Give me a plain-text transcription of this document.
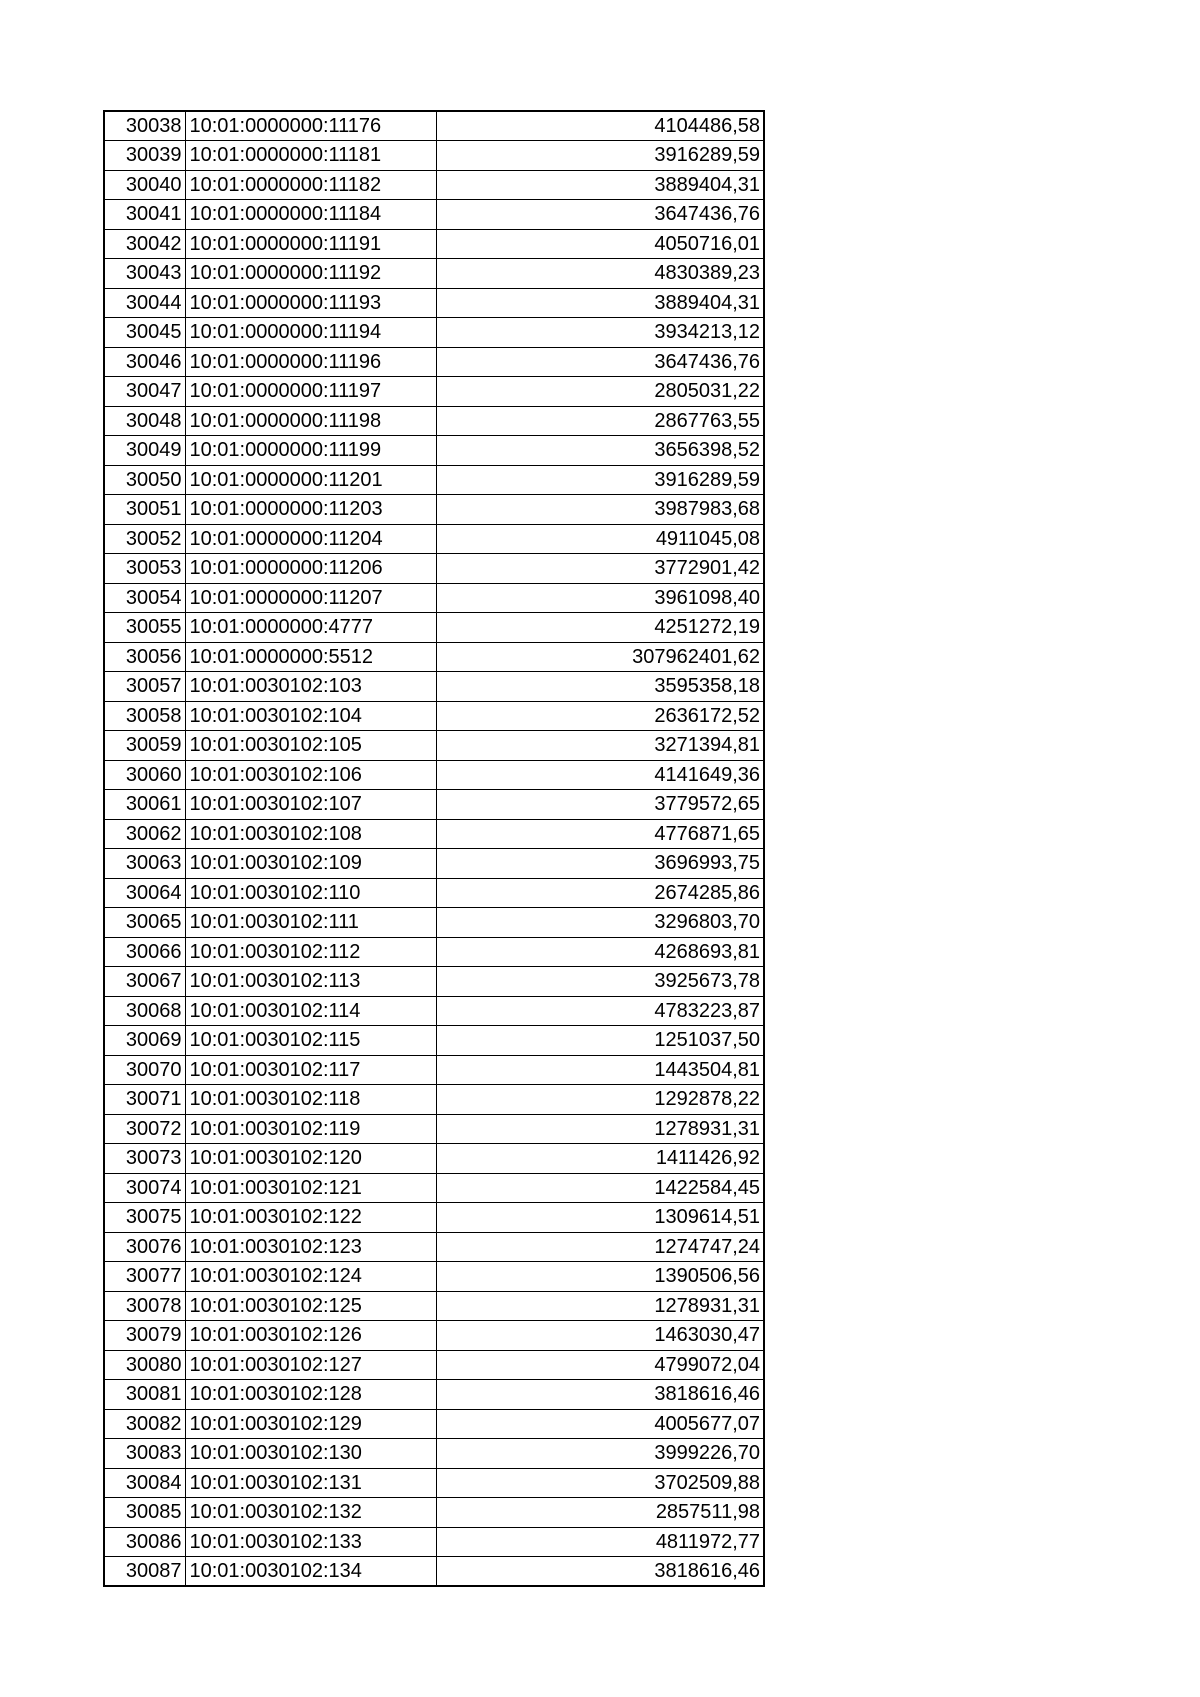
30038	10:01:0000000:11176	4104486,58
30039	10:01:0000000:11181	3916289,59
30040	10:01:0000000:11182	3889404,31
30041	10:01:0000000:11184	3647436,76
30042	10:01:0000000:11191	4050716,01
30043	10:01:0000000:11192	4830389,23
30044	10:01:0000000:11193	3889404,31
30045	10:01:0000000:11194	3934213,12
30046	10:01:0000000:11196	3647436,76
30047	10:01:0000000:11197	2805031,22
30048	10:01:0000000:11198	2867763,55
30049	10:01:0000000:11199	3656398,52
30050	10:01:0000000:11201	3916289,59
30051	10:01:0000000:11203	3987983,68
30052	10:01:0000000:11204	4911045,08
30053	10:01:0000000:11206	3772901,42
30054	10:01:0000000:11207	3961098,40
30055	10:01:0000000:4777	4251272,19
30056	10:01:0000000:5512	307962401,62
30057	10:01:0030102:103	3595358,18
30058	10:01:0030102:104	2636172,52
30059	10:01:0030102:105	3271394,81
30060	10:01:0030102:106	4141649,36
30061	10:01:0030102:107	3779572,65
30062	10:01:0030102:108	4776871,65
30063	10:01:0030102:109	3696993,75
30064	10:01:0030102:110	2674285,86
30065	10:01:0030102:111	3296803,70
30066	10:01:0030102:112	4268693,81
30067	10:01:0030102:113	3925673,78
30068	10:01:0030102:114	4783223,87
30069	10:01:0030102:115	1251037,50
30070	10:01:0030102:117	1443504,81
30071	10:01:0030102:118	1292878,22
30072	10:01:0030102:119	1278931,31
30073	10:01:0030102:120	1411426,92
30074	10:01:0030102:121	1422584,45
30075	10:01:0030102:122	1309614,51
30076	10:01:0030102:123	1274747,24
30077	10:01:0030102:124	1390506,56
30078	10:01:0030102:125	1278931,31
30079	10:01:0030102:126	1463030,47
30080	10:01:0030102:127	4799072,04
30081	10:01:0030102:128	3818616,46
30082	10:01:0030102:129	4005677,07
30083	10:01:0030102:130	3999226,70
30084	10:01:0030102:131	3702509,88
30085	10:01:0030102:132	2857511,98
30086	10:01:0030102:133	4811972,77
30087	10:01:0030102:134	3818616,46
